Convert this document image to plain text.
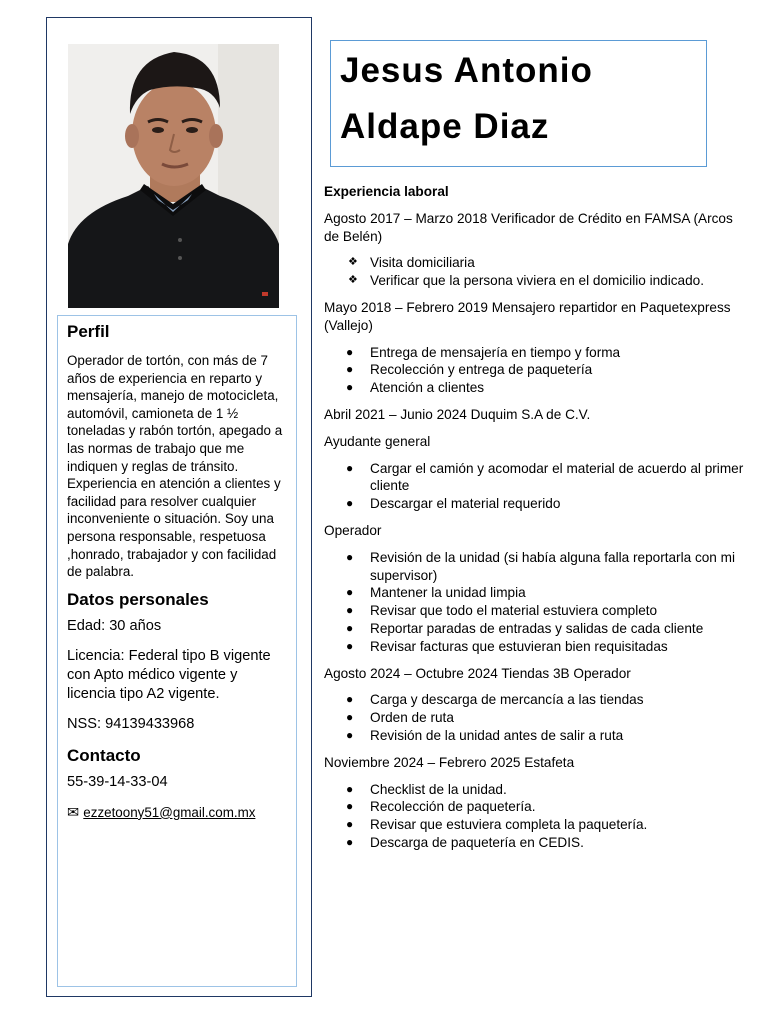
Perfil

Operador de tortón, con más de 7 años de experiencia en reparto y mensajería, manejo de motocicleta, automóvil, camioneta de 1 ½ toneladas y rabón tortón, apegado a las normas de trabajo que me indiquen y reglas de tránsito. Experiencia en atención a clientes y facilidad para resolver cualquier inconveniente o situación. Soy una persona responsable, respetuosa ,honrado, trabajador y con facilidad de palabra.

Datos personales

Edad: 30 años

Licencia: Federal tipo B vigente con Apto médico vigente y licencia tipo A2 vigente.

NSS: 94139433968

Contacto

55-39-14-33-04

✉ ezzetoony51@gmail.com.mx

Jesus Antonio
Aldape Diaz
Experiencia laboral

Agosto 2017 – Marzo 2018 Verificador de Crédito en FAMSA (Arcos de Belén)

❖ Visita domiciliaria
❖ Verificar que la persona viviera en el domicilio indicado.

Mayo 2018 – Febrero 2019 Mensajero repartidor en Paquetexpress (Vallejo)

● Entrega de mensajería en tiempo y forma
● Recolección y entrega de paquetería
● Atención a clientes

Abril 2021 – Junio 2024 Duquim S.A de C.V.

Ayudante general

● Cargar el camión y acomodar el material de acuerdo al primer cliente
● Descargar el material requerido

Operador

● Revisión de la unidad (si había alguna falla reportarla con mi supervisor)
● Mantener la unidad limpia
● Revisar que todo el material estuviera completo
● Reportar paradas de entradas y salidas de cada cliente
● Revisar facturas que estuvieran bien requisitadas

Agosto 2024 – Octubre 2024 Tiendas 3B Operador

● Carga y descarga de mercancía a las tiendas
● Orden de ruta
● Revisión de la unidad antes de salir a ruta

Noviembre 2024 – Febrero 2025 Estafeta

● Checklist de la unidad.
● Recolección de paquetería.
● Revisar que estuviera completa la paquetería.
● Descarga de paquetería en CEDIS.
